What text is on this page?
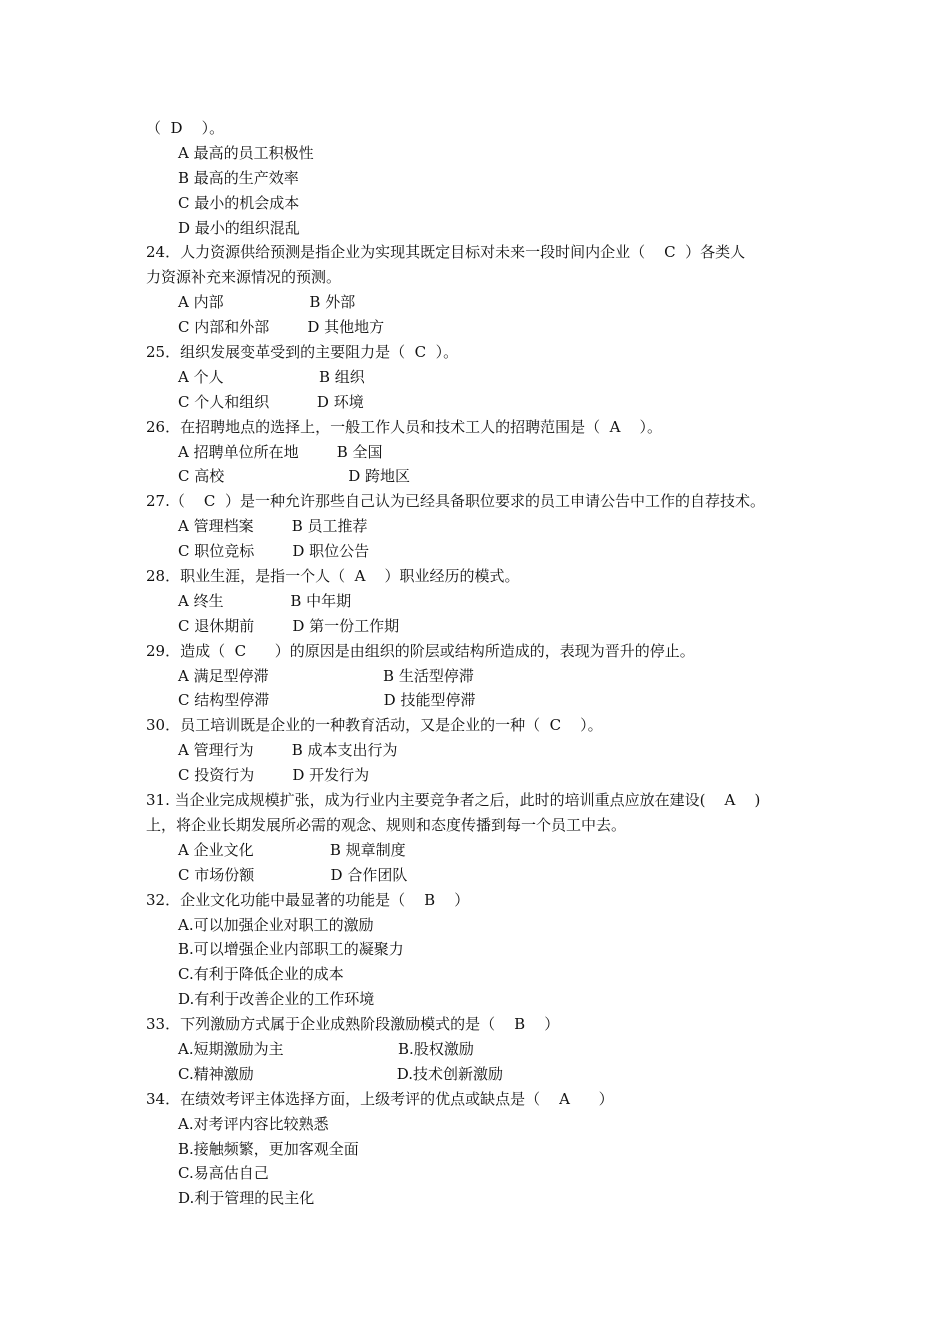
（  D    ）。
A 最高的员工积极性
B 最高的生产效率
C 最小的机会成本
D 最小的组织混乱
24．人力资源供给预测是指企业为实现其既定目标对未来一段时间内企业（    C  ）各类人
力资源补充来源情况的预测。
A 内部                  B 外部
C 内部和外部        D 其他地方
25．组织发展变革受到的主要阻力是（  C  ）。
A 个人                    B 组织
C 个人和组织          D 环境
26．在招聘地点的选择上，一般工作人员和技术工人的招聘范围是（  A    ）。
A 招聘单位所在地        B 全国
C 高校                          D 跨地区
27.（    C  ）是一种允许那些自己认为已经具备职位要求的员工申请公告中工作的自荐技术。
A 管理档案        B 员工推荐
C 职位竞标        D 职位公告
28．职业生涯，是指一个人（  A    ）职业经历的模式。
A 终生              B 中年期
C 退休期前        D 第一份工作期
29．造成（  C      ）的原因是由组织的阶层或结构所造成的，表现为晋升的停止。
A 满足型停滞                        B 生活型停滞
C 结构型停滞                        D 技能型停滞
30．员工培训既是企业的一种教育活动，又是企业的一种（  C    ）。
A 管理行为        B 成本支出行为
C 投资行为        D 开发行为
31. 当企业完成规模扩张，成为行业内主要竞争者之后，此时的培训重点应放在建设(    A    )
上，将企业长期发展所必需的观念、规则和态度传播到每一个员工中去。
A 企业文化                B 规章制度
C 市场份额                D 合作团队
32．企业文化功能中最显著的功能是（    B    ）
A.可以加强企业对职工的激励
B.可以增强企业内部职工的凝聚力
C.有利于降低企业的成本
D.有利于改善企业的工作环境
33．下列激励方式属于企业成熟阶段激励模式的是（    B    ）
A.短期激励为主                        B.股权激励
C.精神激励                              D.技术创新激励
34．在绩效考评主体选择方面，上级考评的优点或缺点是（    A      ）
A.对考评内容比较熟悉
B.接触频繁，更加客观全面
C.易高估自己
D.利于管理的民主化
